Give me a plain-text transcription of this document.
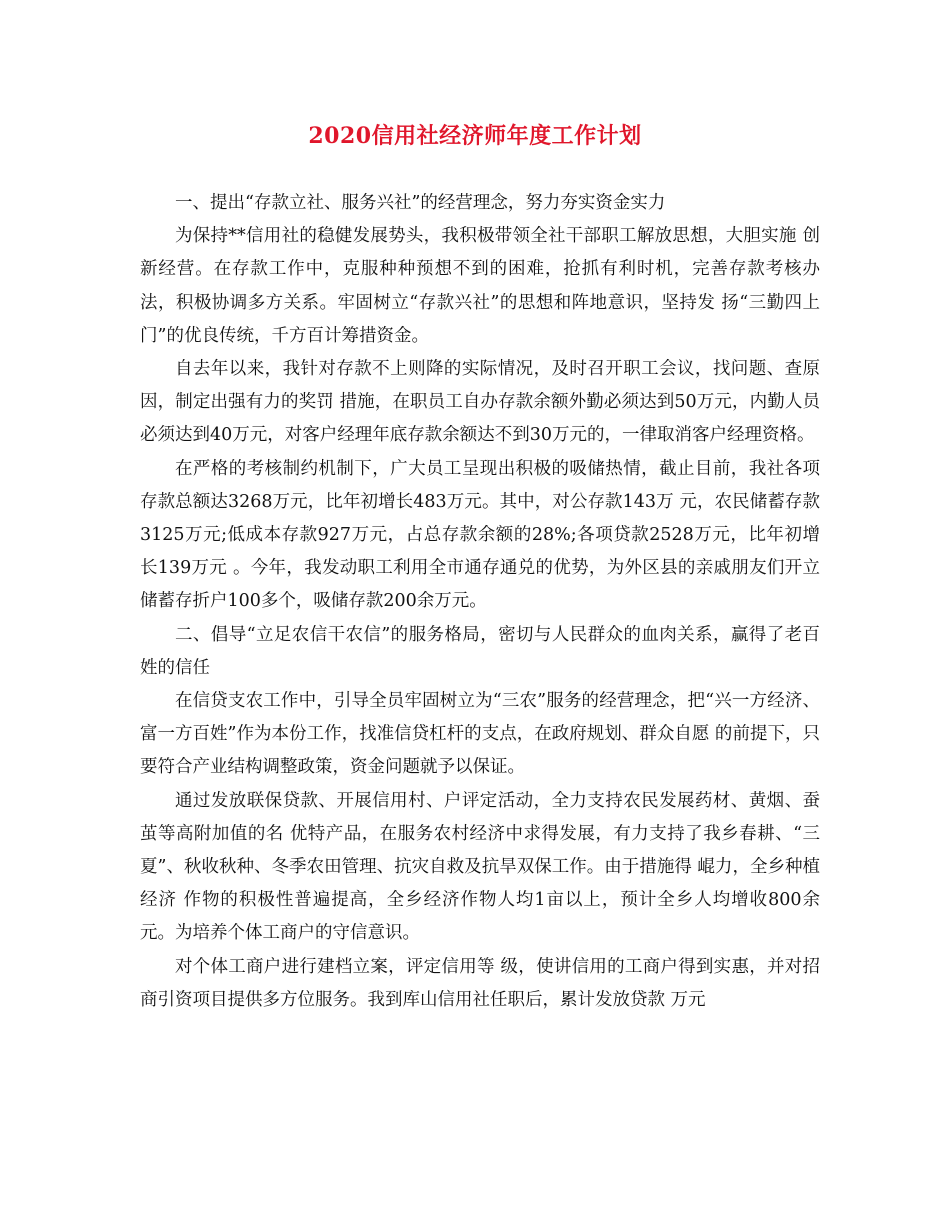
2020信用社经济师年度工作计划

一、提出“存款立社、服务兴社”的经营理念，努力夯实资金实力

为保持**信用社的稳健发展势头，我积极带领全社干部职工解放思想，大胆实施 创新经营。在存款工作中，克服种种预想不到的困难，抢抓有利时机，完善存款考核办法，积极协调多方关系。牢固树立“存款兴社”的思想和阵地意识，坚持发 扬“三勤四上门”的优良传统，千方百计筹措资金。

自去年以来，我针对存款不上则降的实际情况，及时召开职工会议，找问题、查原因，制定出强有力的奖罚 措施，在职员工自办存款余额外勤必须达到50万元，内勤人员必须达到40万元，对客户经理年底存款余额达不到30万元的，一律取消客户经理资格。

在严格的考核制约机制下，广大员工呈现出积极的吸储热情，截止目前，我社各项存款总额达3268万元，比年初增长483万元。其中，对公存款143万 元，农民储蓄存款3125万元;低成本存款927万元，占总存款余额的28%;各项贷款2528万元，比年初增长139万元 。今年，我发动职工利用全市通存通兑的优势，为外区县的亲戚朋友们开立储蓄存折户100多个，吸储存款200余万元。

二、倡导“立足农信干农信”的服务格局，密切与人民群众的血肉关系，赢得了老百姓的信任

在信贷支农工作中，引导全员牢固树立为“三农”服务的经营理念，把“兴一方经济、富一方百姓”作为本份工作，找准信贷杠杆的支点，在政府规划、群众自愿 的前提下，只要符合产业结构调整政策，资金问题就予以保证。

通过发放联保贷款、开展信用村、户评定活动，全力支持农民发展药材、黄烟、蚕茧等高附加值的名 优特产品，在服务农村经济中求得发展，有力支持了我乡春耕、“三夏”、秋收秋种、冬季农田管理、抗灾自救及抗旱双保工作。由于措施得 崐力，全乡种植经济 作物的积极性普遍提高，全乡经济作物人均1亩以上，预计全乡人均增收800余元。为培养个体工商户的守信意识。

对个体工商户进行建档立案，评定信用等 级，使讲信用的工商户得到实惠，并对招商引资项目提供多方位服务。我到库山信用社任职后，累计发放贷款 万元
